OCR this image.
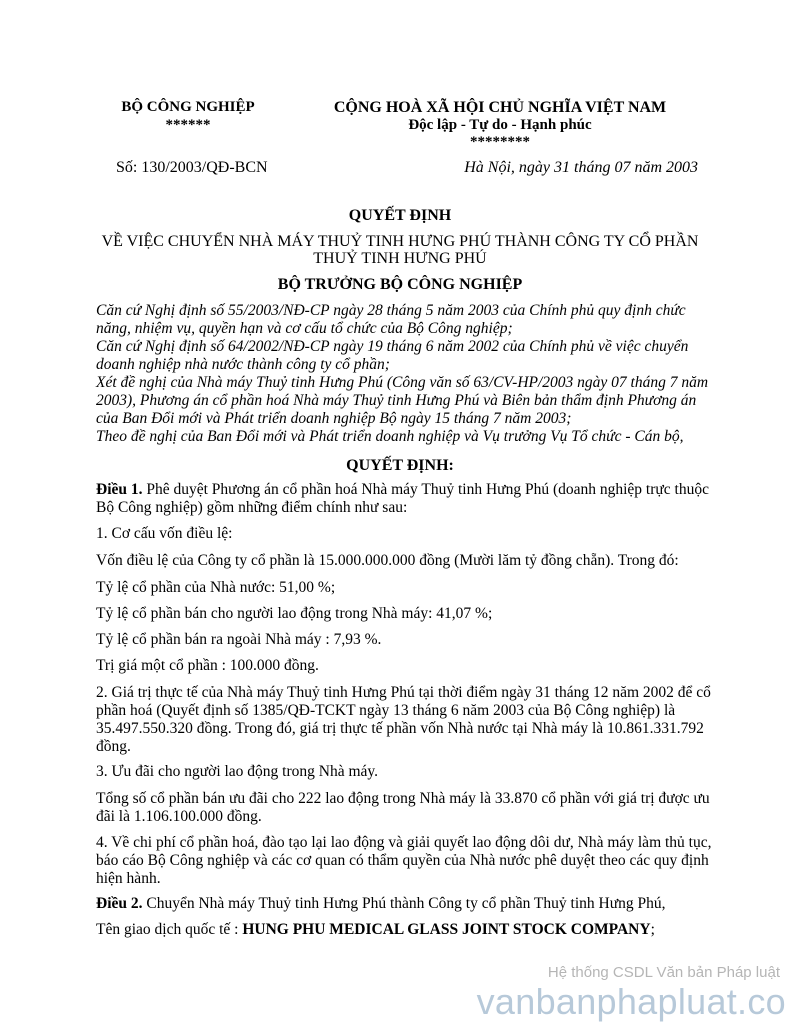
BỘ CÔNG NGHIỆP
******
CỘNG HOÀ XÃ HỘI CHỦ NGHĨA VIỆT NAM
Độc lập - Tự do - Hạnh phúc
********
Số: 130/2003/QĐ-BCN	Hà Nội, ngày 31 tháng 07 năm 2003
QUYẾT ĐỊNH
VỀ VIỆC CHUYỂN NHÀ MÁY THUỶ TINH HƯNG PHÚ THÀNH CÔNG TY CỔ PHẦN
THUỶ TINH HƯNG PHÚ
BỘ TRƯỞNG BỘ CÔNG NGHIỆP
Căn cứ Nghị định số 55/2003/NĐ-CP ngày 28 tháng 5 năm 2003 của Chính phủ quy định chức năng, nhiệm vụ, quyền hạn và cơ cấu tổ chức của Bộ Công nghiệp;
Căn cứ Nghị định số 64/2002/NĐ-CP ngày 19 tháng 6 năm 2002 của Chính phủ về việc chuyển doanh nghiệp nhà nước thành công ty cổ phần;
Xét đề nghị của Nhà máy Thuỷ tinh Hưng Phú (Công văn số 63/CV-HP/2003 ngày 07 tháng 7 năm 2003), Phương án cổ phần hoá Nhà máy Thuỷ tinh Hưng Phú và Biên bản thẩm định Phương án của Ban Đổi mới và Phát triển doanh nghiệp Bộ ngày 15 tháng 7 năm 2003;
Theo đề nghị của Ban Đổi mới và Phát triển doanh nghiệp và Vụ trưởng Vụ Tổ chức - Cán bộ,
QUYẾT ĐỊNH:
Điều 1. Phê duyệt Phương án cổ phần hoá Nhà máy Thuỷ tinh Hưng Phú (doanh nghiệp trực thuộc Bộ Công nghiệp) gồm những điểm chính như sau:
1. Cơ cấu vốn điều lệ:
Vốn điều lệ của Công ty cổ phần là 15.000.000.000 đồng (Mười lăm tỷ đồng chẵn). Trong đó:
Tỷ lệ cổ phần của Nhà nước: 51,00 %;
Tỷ lệ cổ phần bán cho người lao động trong Nhà máy: 41,07 %;
Tỷ lệ cổ phần bán ra ngoài Nhà máy : 7,93 %.
Trị giá một cổ phần : 100.000 đồng.
2. Giá trị thực tế của Nhà máy Thuỷ tinh Hưng Phú tại thời điểm ngày 31 tháng 12 năm 2002 để cổ phần hoá (Quyết định số 1385/QĐ-TCKT ngày 13 tháng 6 năm 2003 của Bộ Công nghiệp) là 35.497.550.320 đồng. Trong đó, giá trị thực tế phần vốn Nhà nước tại Nhà máy là 10.861.331.792 đồng.
3. Ưu đãi cho người lao động trong Nhà máy.
Tổng số cổ phần bán ưu đãi cho 222 lao động trong Nhà máy là 33.870 cổ phần với giá trị được ưu đãi là 1.106.100.000 đồng.
4. Về chi phí cổ phần hoá, đào tạo lại lao động và giải quyết lao động dôi dư, Nhà máy làm thủ tục, báo cáo Bộ Công nghiệp và các cơ quan có thẩm quyền của Nhà nước phê duyệt theo các quy định hiện hành.
Điều 2. Chuyển Nhà máy Thuỷ tinh Hưng Phú thành Công ty cổ phần Thuỷ tinh Hưng Phú,
Tên giao dịch quốc tế : HUNG PHU MEDICAL GLASS JOINT STOCK COMPANY;
Hệ thống CSDL Văn bản Pháp luật
vanbanphapluat.co
